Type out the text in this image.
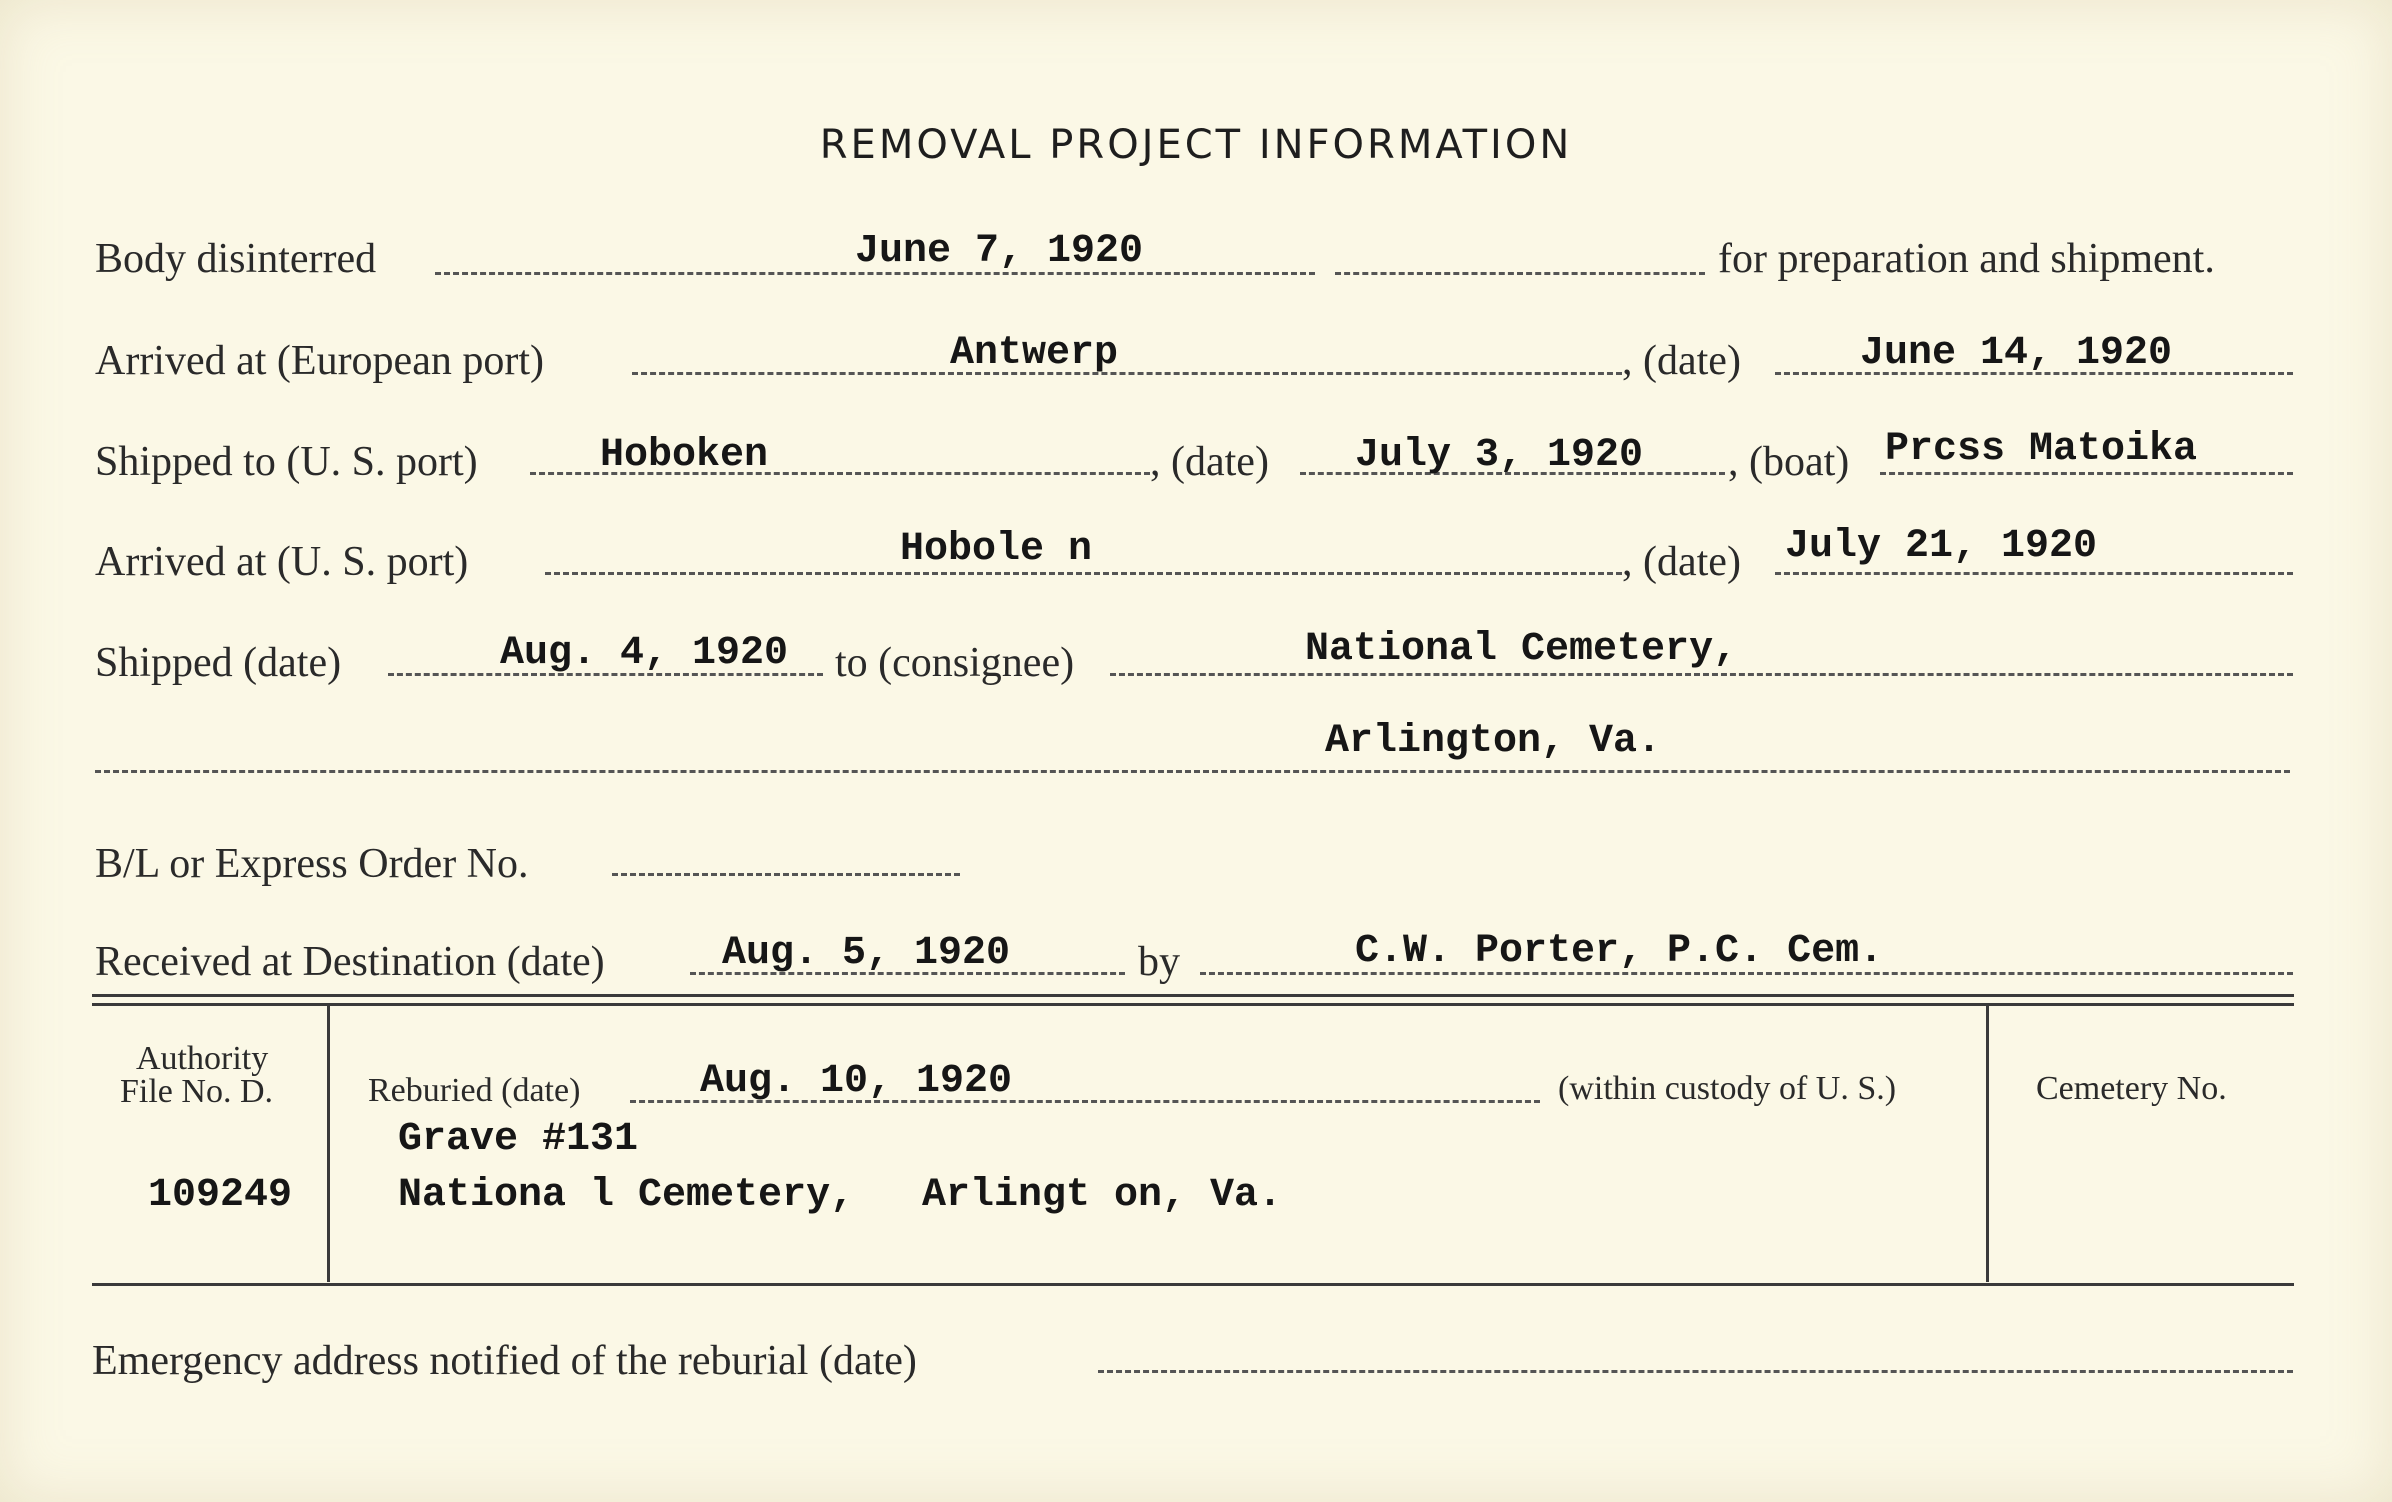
REMOVAL PROJECT INFORMATION
Body disinterred	June 7, 1920	for preparation and shipment.
Arrived at (European port)	Antwerp	, (date)	June 14, 1920
Shipped to (U. S. port)	Hoboken	, (date) July 3, 1920 , (boat) Prcss Matoika
Arrived at (U. S. port)	Hobole n	, (date) July 21, 1920
Shipped (date)	Aug. 4, 1920 to (consignee)	National Cemetery,
Arlington, Va.
B/L or Express Order No.
Received at Destination (date)	Aug. 5, 1920	by	C.W. Porter, P.C. Cem.
Authority
File No. D.
109249
Reburied (date)	Aug. 10, 1920	(within custody of U. S.)
Grave #131
Nationa l Cemetery, Arlingt on, Va.
Cemetery No.
Emergency address notified of the reburial (date)
